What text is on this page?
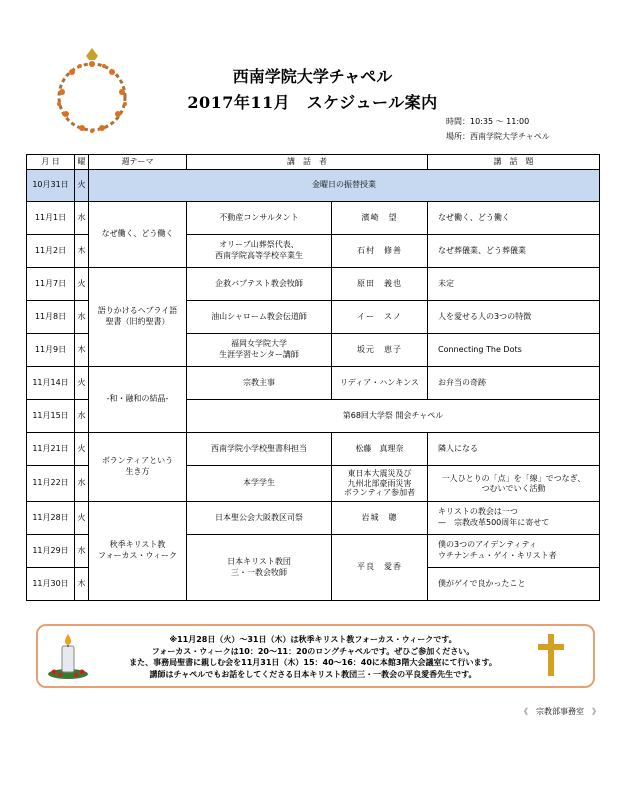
西南学院大学チャペル
2017年11月　スケジュール案内
時間：10:35 ～ 11:00
場所：西南学院大学チャペル
月 日	曜	週テーマ	講　話　者		講　話　題
10月31日	火	金曜日の振替授業			
11月1日	水	なぜ働く、どう働く	不動産コンサルタント	濱崎　望	なぜ働く、どう働く
11月2日	木		オリーブ山葬祭代表、
西南学院高等学校卒業生	石村　修善	なぜ葬儀業、どう葬儀業
11月7日	火	語りかけるヘブライ語
聖書（旧約聖書）	企救バプテスト教会牧師	原田　義也	未定
11月8日	水		油山シャローム教会伝道師	イー　スノ	人を愛せる人の3つの特徴
11月9日	木		福岡女学院大学
生涯学習センター講師	坂元　恵子	Connecting The Dots
11月14日	火	-和・融和の結晶-	宗教主事	リディア・ハンキンス	お弁当の奇跡
11月15日	水		第68回大学祭 開会チャペル		
11月21日	火	ボランティアという
生き方	西南学院小学校聖書科担当	松藤　真理奈	隣人になる
11月22日	水		本学学生	東日本大震災及び
九州北部豪雨災害
ボランティア参加者	一人ひとりの「点」を「線」でつなぎ、
つむいでいく活動
11月28日	火	秋季キリスト教
フォーカス・ウィーク	日本聖公会大阪教区司祭	岩城　聰	キリストの教会は一つ
—　宗教改革500周年に寄せて
11月29日	水		日本キリスト教団
三・一教会牧師	平良　愛香	僕の3つのアイデンティティ
ウチナンチュ・ゲイ・キリスト者
11月30日	木				僕がゲイで良かったこと
※11月28日（火）～31日（木）は秋季キリスト教フォーカス・ウィークです。
フォーカス・ウィークは10：20～11：20のロングチャペルです。ぜひご参加ください。
また、事務局聖書に親しむ会を11月31日（木）15：40～16：40に本館3階大会議室にて行います。
講師はチャペルでもお話をしてくださる日本キリスト教団三・一教会の平良愛香先生です。
《　宗教部事務室　》
